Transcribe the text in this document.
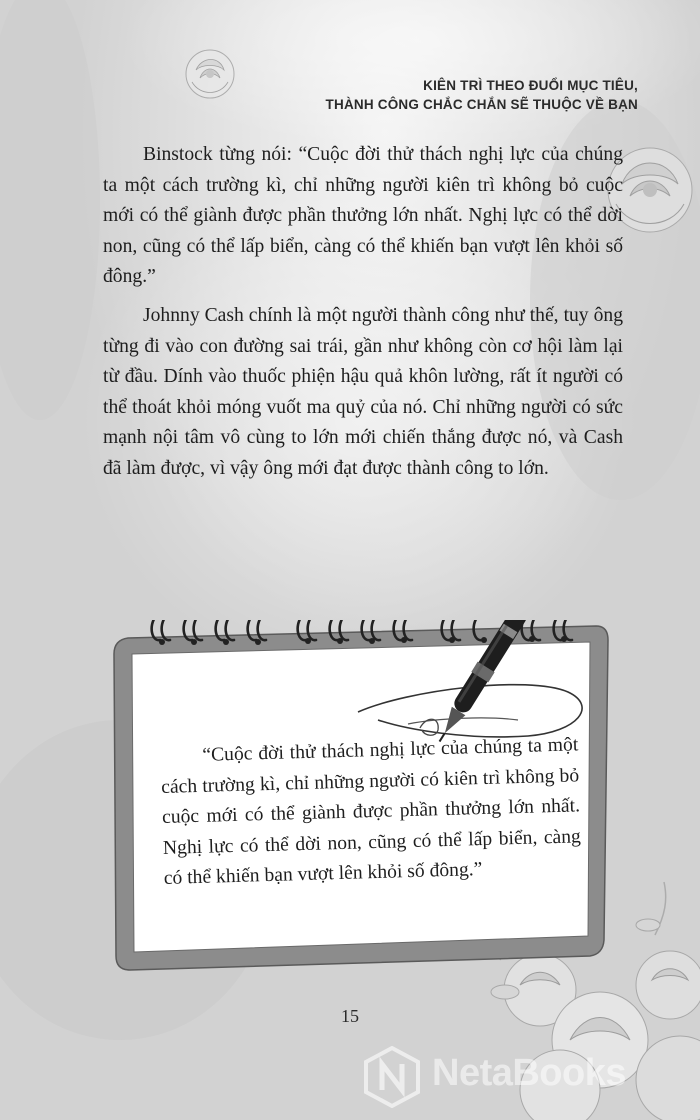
KIÊN TRÌ THEO ĐUỔI MỤC TIÊU,
THÀNH CÔNG CHẮC CHẮN SẼ THUỘC VỀ BẠN

Binstock từng nói: “Cuộc đời thử thách nghị lực của chúng ta một cách trường kì, chỉ những người kiên trì không bỏ cuộc mới có thể giành được phần thưởng lớn nhất. Nghị lực có thể dời non, cũng có thể lấp biển, càng có thể khiến bạn vượt lên khỏi số đông.”

Johnny Cash chính là một người thành công như thế, tuy ông từng đi vào con đường sai trái, gần như không còn cơ hội làm lại từ đầu. Dính vào thuốc phiện hậu quả khôn lường, rất ít người có thể thoát khỏi móng vuốt ma quỷ của nó. Chỉ những người có sức mạnh nội tâm vô cùng to lớn mới chiến thắng được nó, và Cash đã làm được, vì vậy ông mới đạt được thành công to lớn.

“Cuộc đời thử thách nghị lực của chúng ta một cách trường kì, chỉ những người có kiên trì không bỏ cuộc mới có thể giành được phần thưởng lớn nhất. Nghị lực có thể dời non, cũng có thể lấp biển, càng có thể khiến bạn vượt lên khỏi số đông.”

15
NetaBooks
